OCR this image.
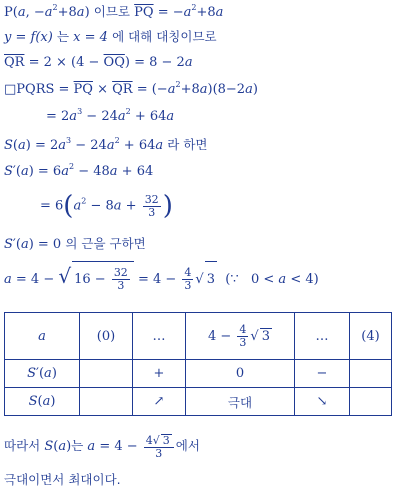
P(a, $-a^2+8a$) 이므로 $\overline{PQ} = -a^2+8a$
y = f(x) 는 x = 4 에 대해 대칭이므로
$\overline{QR} = 2 \times (4 - \overline{OQ}) = 8 - 2a$
□PQRS = $\overline{PQ} \times \overline{QR} = (-a^2+8a)(8-2a)$
= $2a^3 - 24a^2 + 64a$
$S(a) = 2a^3 - 24a^2 + 64a$ 라 하면
$S'(a) = 6a^2 - 48a + 64$
= $6(a^2 - 8a + \frac{32}{3}$ )
S′(a) = 0 의 근을 구하면
a = 4 − √ $16 - \frac{32}{3} = 4 - \frac{4}{3}$ √ 3  (∵   0 < a < 4)
a	(0)	…	$4 - \frac{4}{3}$ √ 3	…	(4)
S′(a)		+	0	−	
S(a)		↗	극대	↘	
따라서 S(a)는 $a = 4 - \frac{4√ 3}{3}$ 에서
극대이면서 최대이다.
